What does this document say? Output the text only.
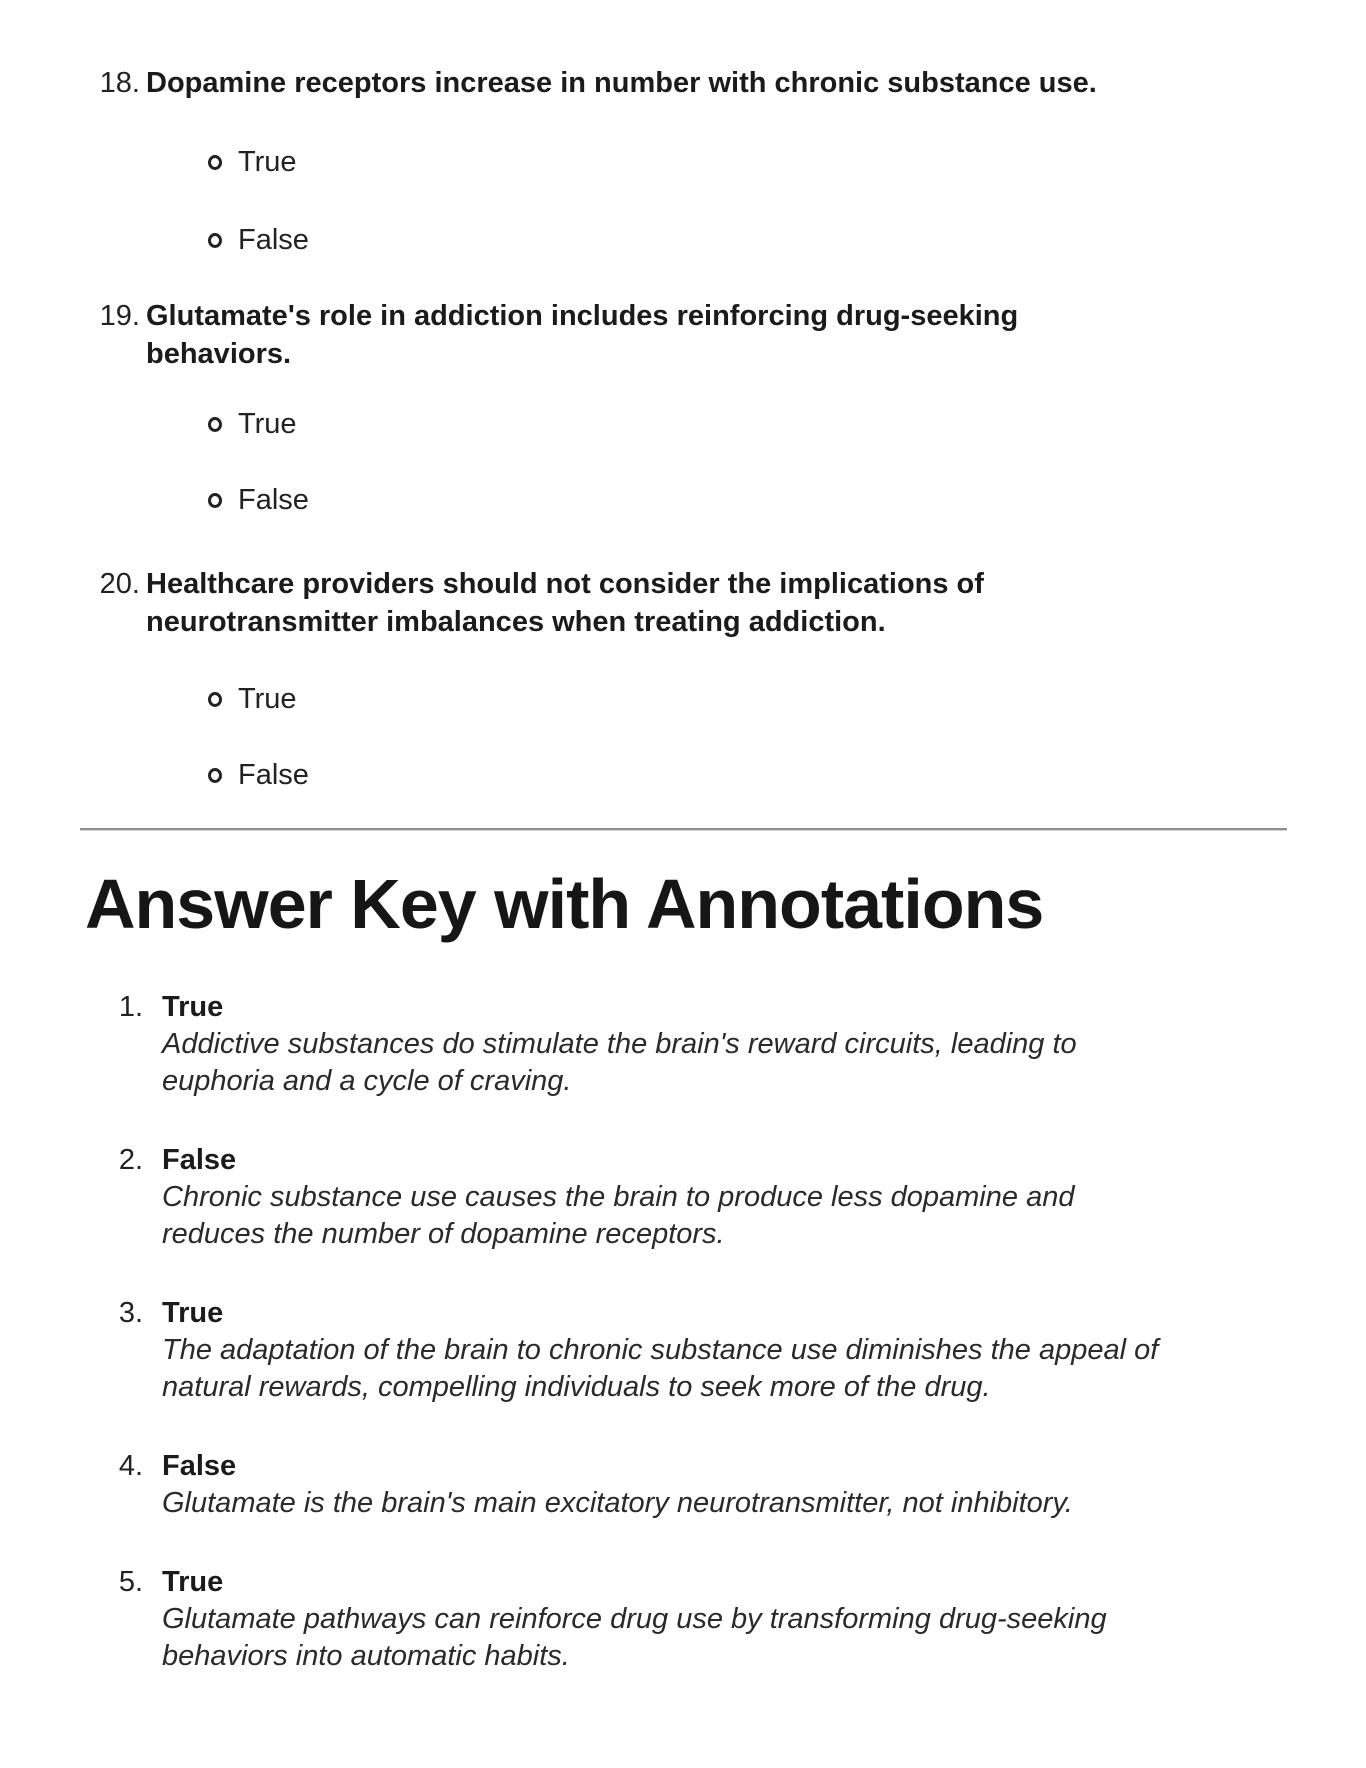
18. Dopamine receptors increase in number with chronic substance use.
True
False
19. Glutamate's role in addiction includes reinforcing drug-seeking
behaviors.
True
False
20. Healthcare providers should not consider the implications of
neurotransmitter imbalances when treating addiction.
True
False
Answer Key with Annotations
1. True
Addictive substances do stimulate the brain's reward circuits, leading to
euphoria and a cycle of craving.
2. False
Chronic substance use causes the brain to produce less dopamine and
reduces the number of dopamine receptors.
3. True
The adaptation of the brain to chronic substance use diminishes the appeal of
natural rewards, compelling individuals to seek more of the drug.
4. False
Glutamate is the brain's main excitatory neurotransmitter, not inhibitory.
5. True
Glutamate pathways can reinforce drug use by transforming drug-seeking
behaviors into automatic habits.
